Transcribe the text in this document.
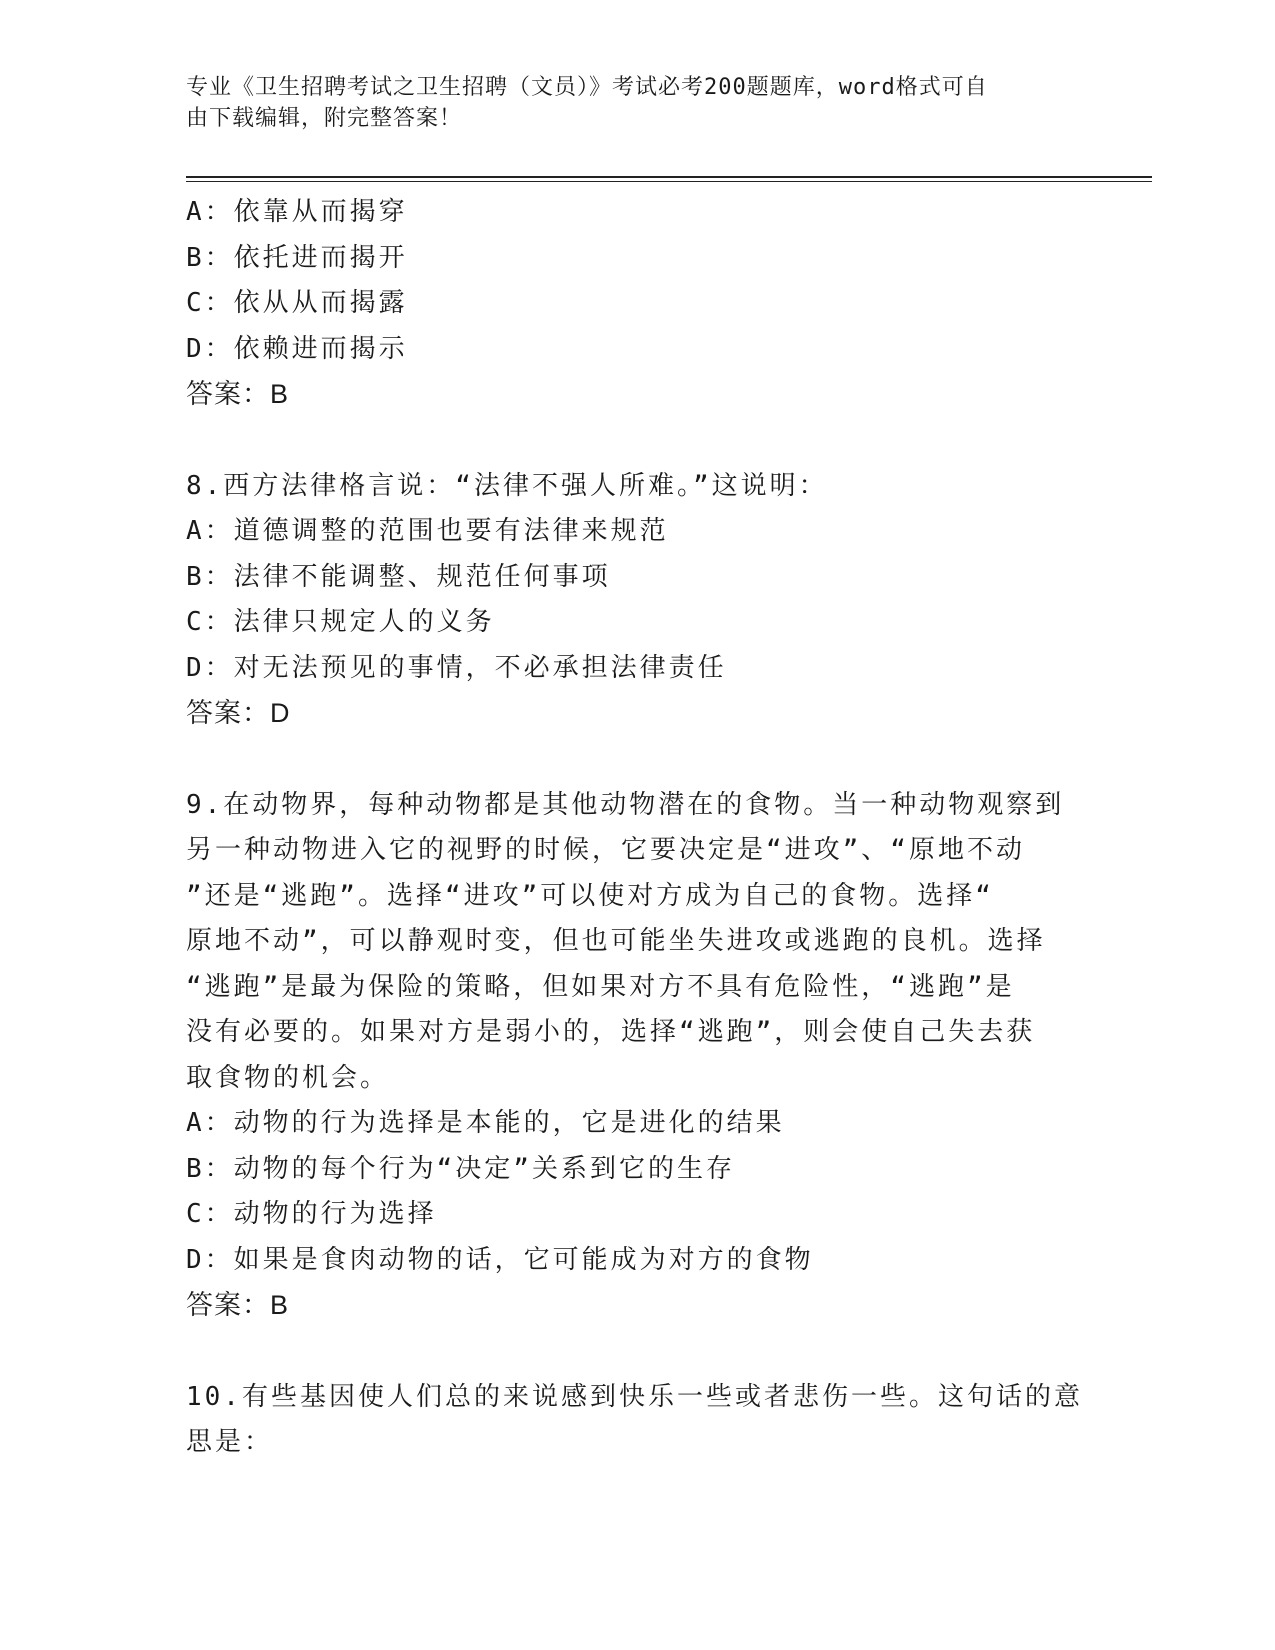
专业《卫生招聘考试之卫生招聘（文员）》考试必考200题题库，word格式可自
由下载编辑，附完整答案！
A：依靠从而揭穿
B：依托进而揭开
C：依从从而揭露
D：依赖进而揭示
答案：B
8.西方法律格言说：“法律不强人所难。”这说明：
A：道德调整的范围也要有法律来规范
B：法律不能调整、规范任何事项
C：法律只规定人的义务
D：对无法预见的事情，不必承担法律责任
答案：D
9.在动物界，每种动物都是其他动物潜在的食物。当一种动物观察到
另一种动物进入它的视野的时候，它要决定是“进攻”、“原地不动
”还是“逃跑”。选择“进攻”可以使对方成为自己的食物。选择“
原地不动”，可以静观时变，但也可能坐失进攻或逃跑的良机。选择
“逃跑”是最为保险的策略，但如果对方不具有危险性，“逃跑”是
没有必要的。如果对方是弱小的，选择“逃跑”，则会使自己失去获
取食物的机会。
A：动物的行为选择是本能的，它是进化的结果
B：动物的每个行为“决定”关系到它的生存
C：动物的行为选择
D：如果是食肉动物的话，它可能成为对方的食物
答案：B
10.有些基因使人们总的来说感到快乐一些或者悲伤一些。这句话的意
思是：
